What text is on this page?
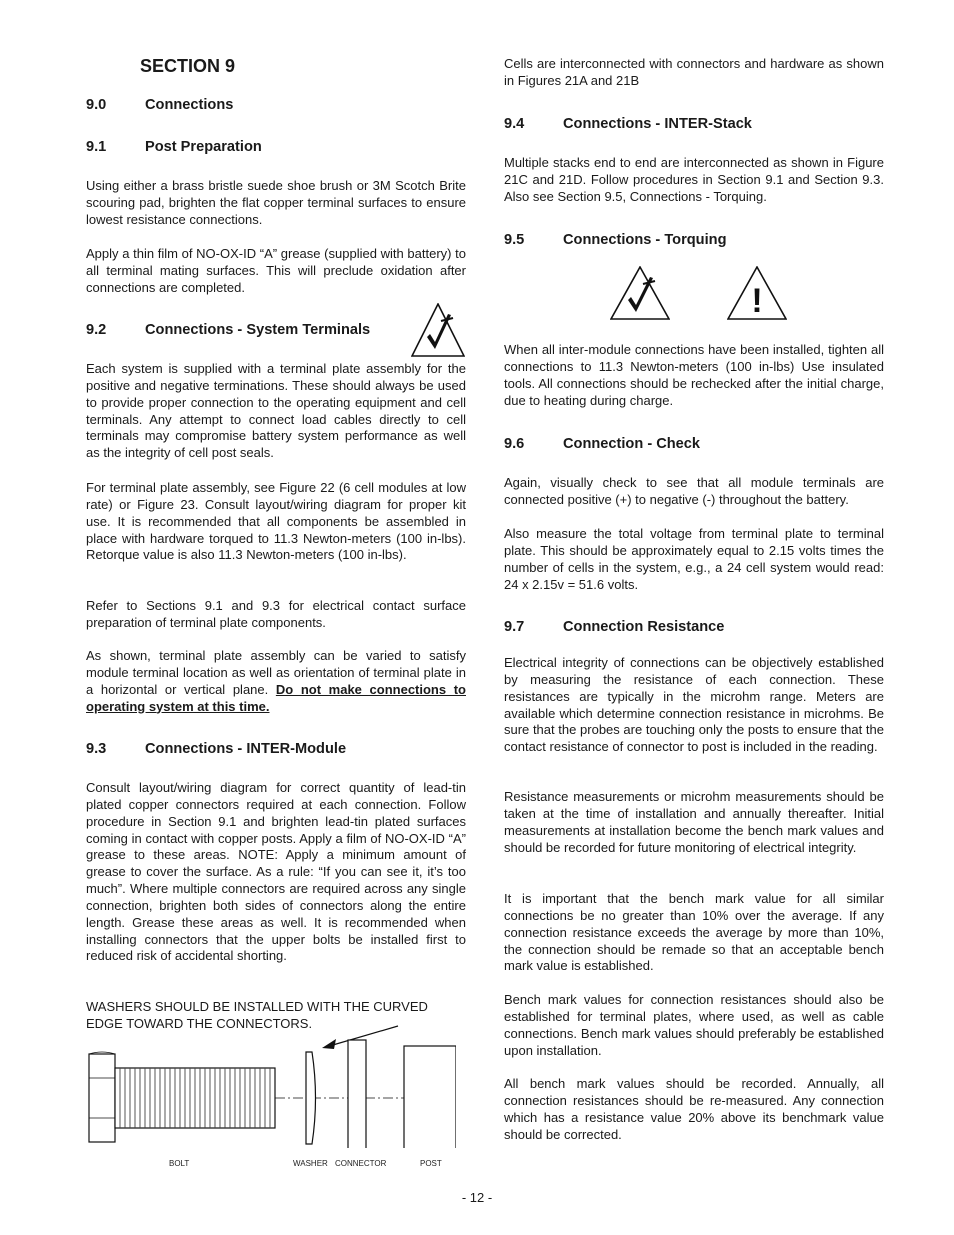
SECTION 9
9.0	Connections
9.1	Post Preparation

Using either a brass bristle suede shoe brush or 3M Scotch Brite scouring pad, brighten the flat copper terminal surfaces to ensure lowest resistance connections.

Apply a thin film of NO-OX-ID “A” grease (supplied with battery) to all terminal mating surfaces. This will preclude oxidation after connections are completed.

9.2	Connections - System Terminals

Each system is supplied with a terminal plate assembly for the positive and negative terminations. These should always be used to provide proper connection to the operating equipment and cell terminals. Any attempt to connect load cables directly to cell terminals may compromise battery system performance as well as the integrity of cell post seals.

For terminal plate assembly, see Figure 22 (6 cell modules at low rate) or Figure 23. Consult layout/wiring diagram for proper kit use. It is recommended that all components be assembled in place with hardware torqued to 11.3 Newton-meters (100 in-lbs). Retorque value is also 11.3 Newton-meters (100 in-lbs).

Refer to Sections 9.1 and 9.3 for electrical contact surface preparation of terminal plate components.

As shown, terminal plate assembly can be varied to satisfy module terminal location as well as orientation of terminal plate in a horizontal or vertical plane. Do not make connections to operating system at this time.

9.3	Connections - INTER-Module

Consult layout/wiring diagram for correct quantity of lead-tin plated copper connectors required at each connection. Follow procedure in Section 9.1 and brighten lead-tin plated surfaces coming in contact with copper posts. Apply a film of NO-OX-ID “A” grease to these areas. NOTE: Apply a minimum amount of grease to cover the surface. As a rule: “If you can see it, it’s too much”. Where multiple connectors are required across any single connection, brighten both sides of connectors along the entire length. Grease these areas as well. It is recommended when installing connectors that the upper bolts be installed first to reduced risk of accidental shorting.

WASHERS SHOULD BE INSTALLED WITH THE CURVED EDGE TOWARD THE CONNECTORS.

BOLT	WASHER CONNECTOR	POST

Cells are interconnected with connectors and hardware as shown in Figures 21A and 21B

9.4	Connections - INTER-Stack

Multiple stacks end to end are interconnected as shown in Figure 21C and 21D. Follow procedures in Section 9.1 and Section 9.3. Also see Section 9.5, Connections - Torquing.

9.5	Connections - Torquing

When all inter-module connections have been installed, tighten all connections to 11.3 Newton-meters (100 in-lbs) Use insulated tools. All connections should be rechecked after the initial charge, due to heating during charge.

9.6	Connection - Check

Again, visually check to see that all module terminals are connected positive (+) to negative (-) throughout the battery.

Also measure the total voltage from terminal plate to terminal plate. This should be approximately equal to 2.15 volts times the number of cells in the system, e.g., a 24 cell system would read: 24 x 2.15v = 51.6 volts.

9.7	Connection Resistance

Electrical integrity of connections can be objectively established by measuring the resistance of each connection. These resistances are typically in the microhm range. Meters are available which determine connection resistance in microhms. Be sure that the probes are touching only the posts to ensure that the contact resistance of connector to post is included in the reading.

Resistance measurements or microhm measurements should be taken at the time of installation and annually thereafter. Initial measurements at installation become the bench mark values and should be recorded for future monitoring of electrical integrity.

It is important that the bench mark value for all similar connections be no greater than 10% over the average. If any connection resistance exceeds the average by more than 10%, the connection should be remade so that an acceptable bench mark value is established.

Bench mark values for connection resistances should also be established for terminal plates, where used, as well as cable connections. Bench mark values should preferably be established upon installation.

All bench mark values should be recorded. Annually, all connection resistances should be re-measured. Any connection which has a resistance value 20% above its benchmark value should be corrected.

!
- 12 -
